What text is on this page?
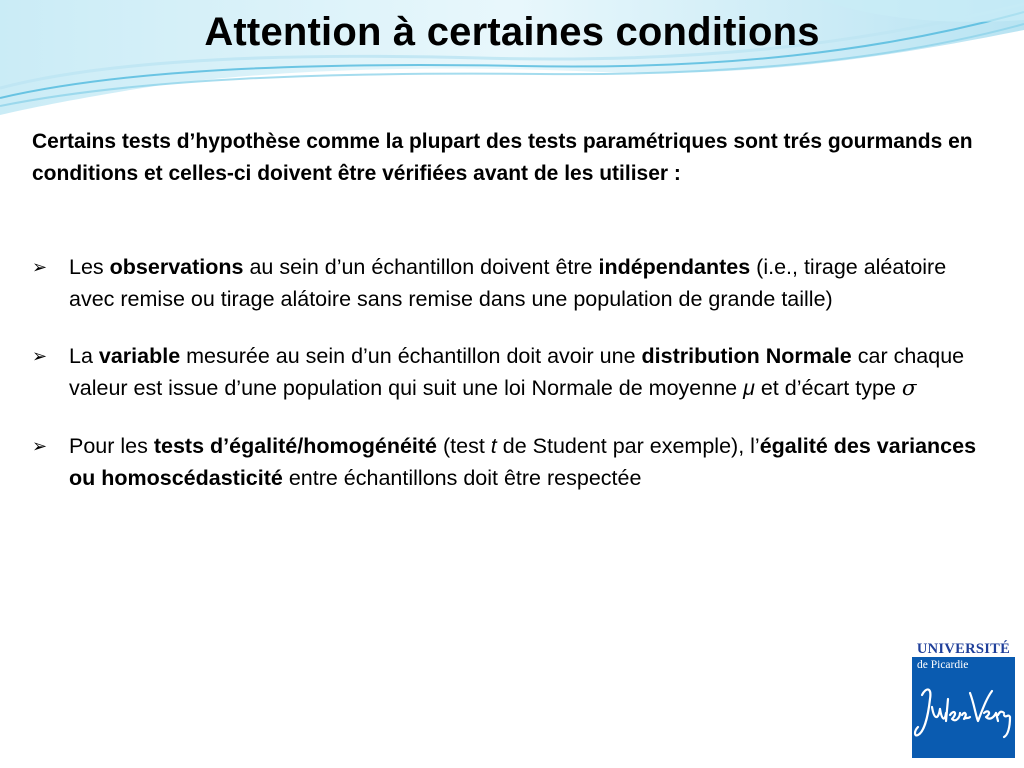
Attention à certaines conditions
Certains tests d’hypothèse comme la plupart des tests paramétriques sont trés gourmands en conditions et celles-ci doivent être vérifiées avant de les utiliser :
➢ Les observations au sein d’un échantillon doivent être indépendantes (i.e., tirage aléatoire avec remise ou tirage alátoire sans remise dans une population de grande taille)
➢ La variable mesurée au sein d’un échantillon doit avoir une distribution Normale car chaque valeur est issue d’une population qui suit une loi Normale de moyenne μ et d’écart type σ
➢ Pour les tests d’égalité/homogénéité (test t de Student par exemple), l’égalité des variances ou homoscédasticité entre échantillons doit être respectée
UNIVERSITÉ
de Picardie
